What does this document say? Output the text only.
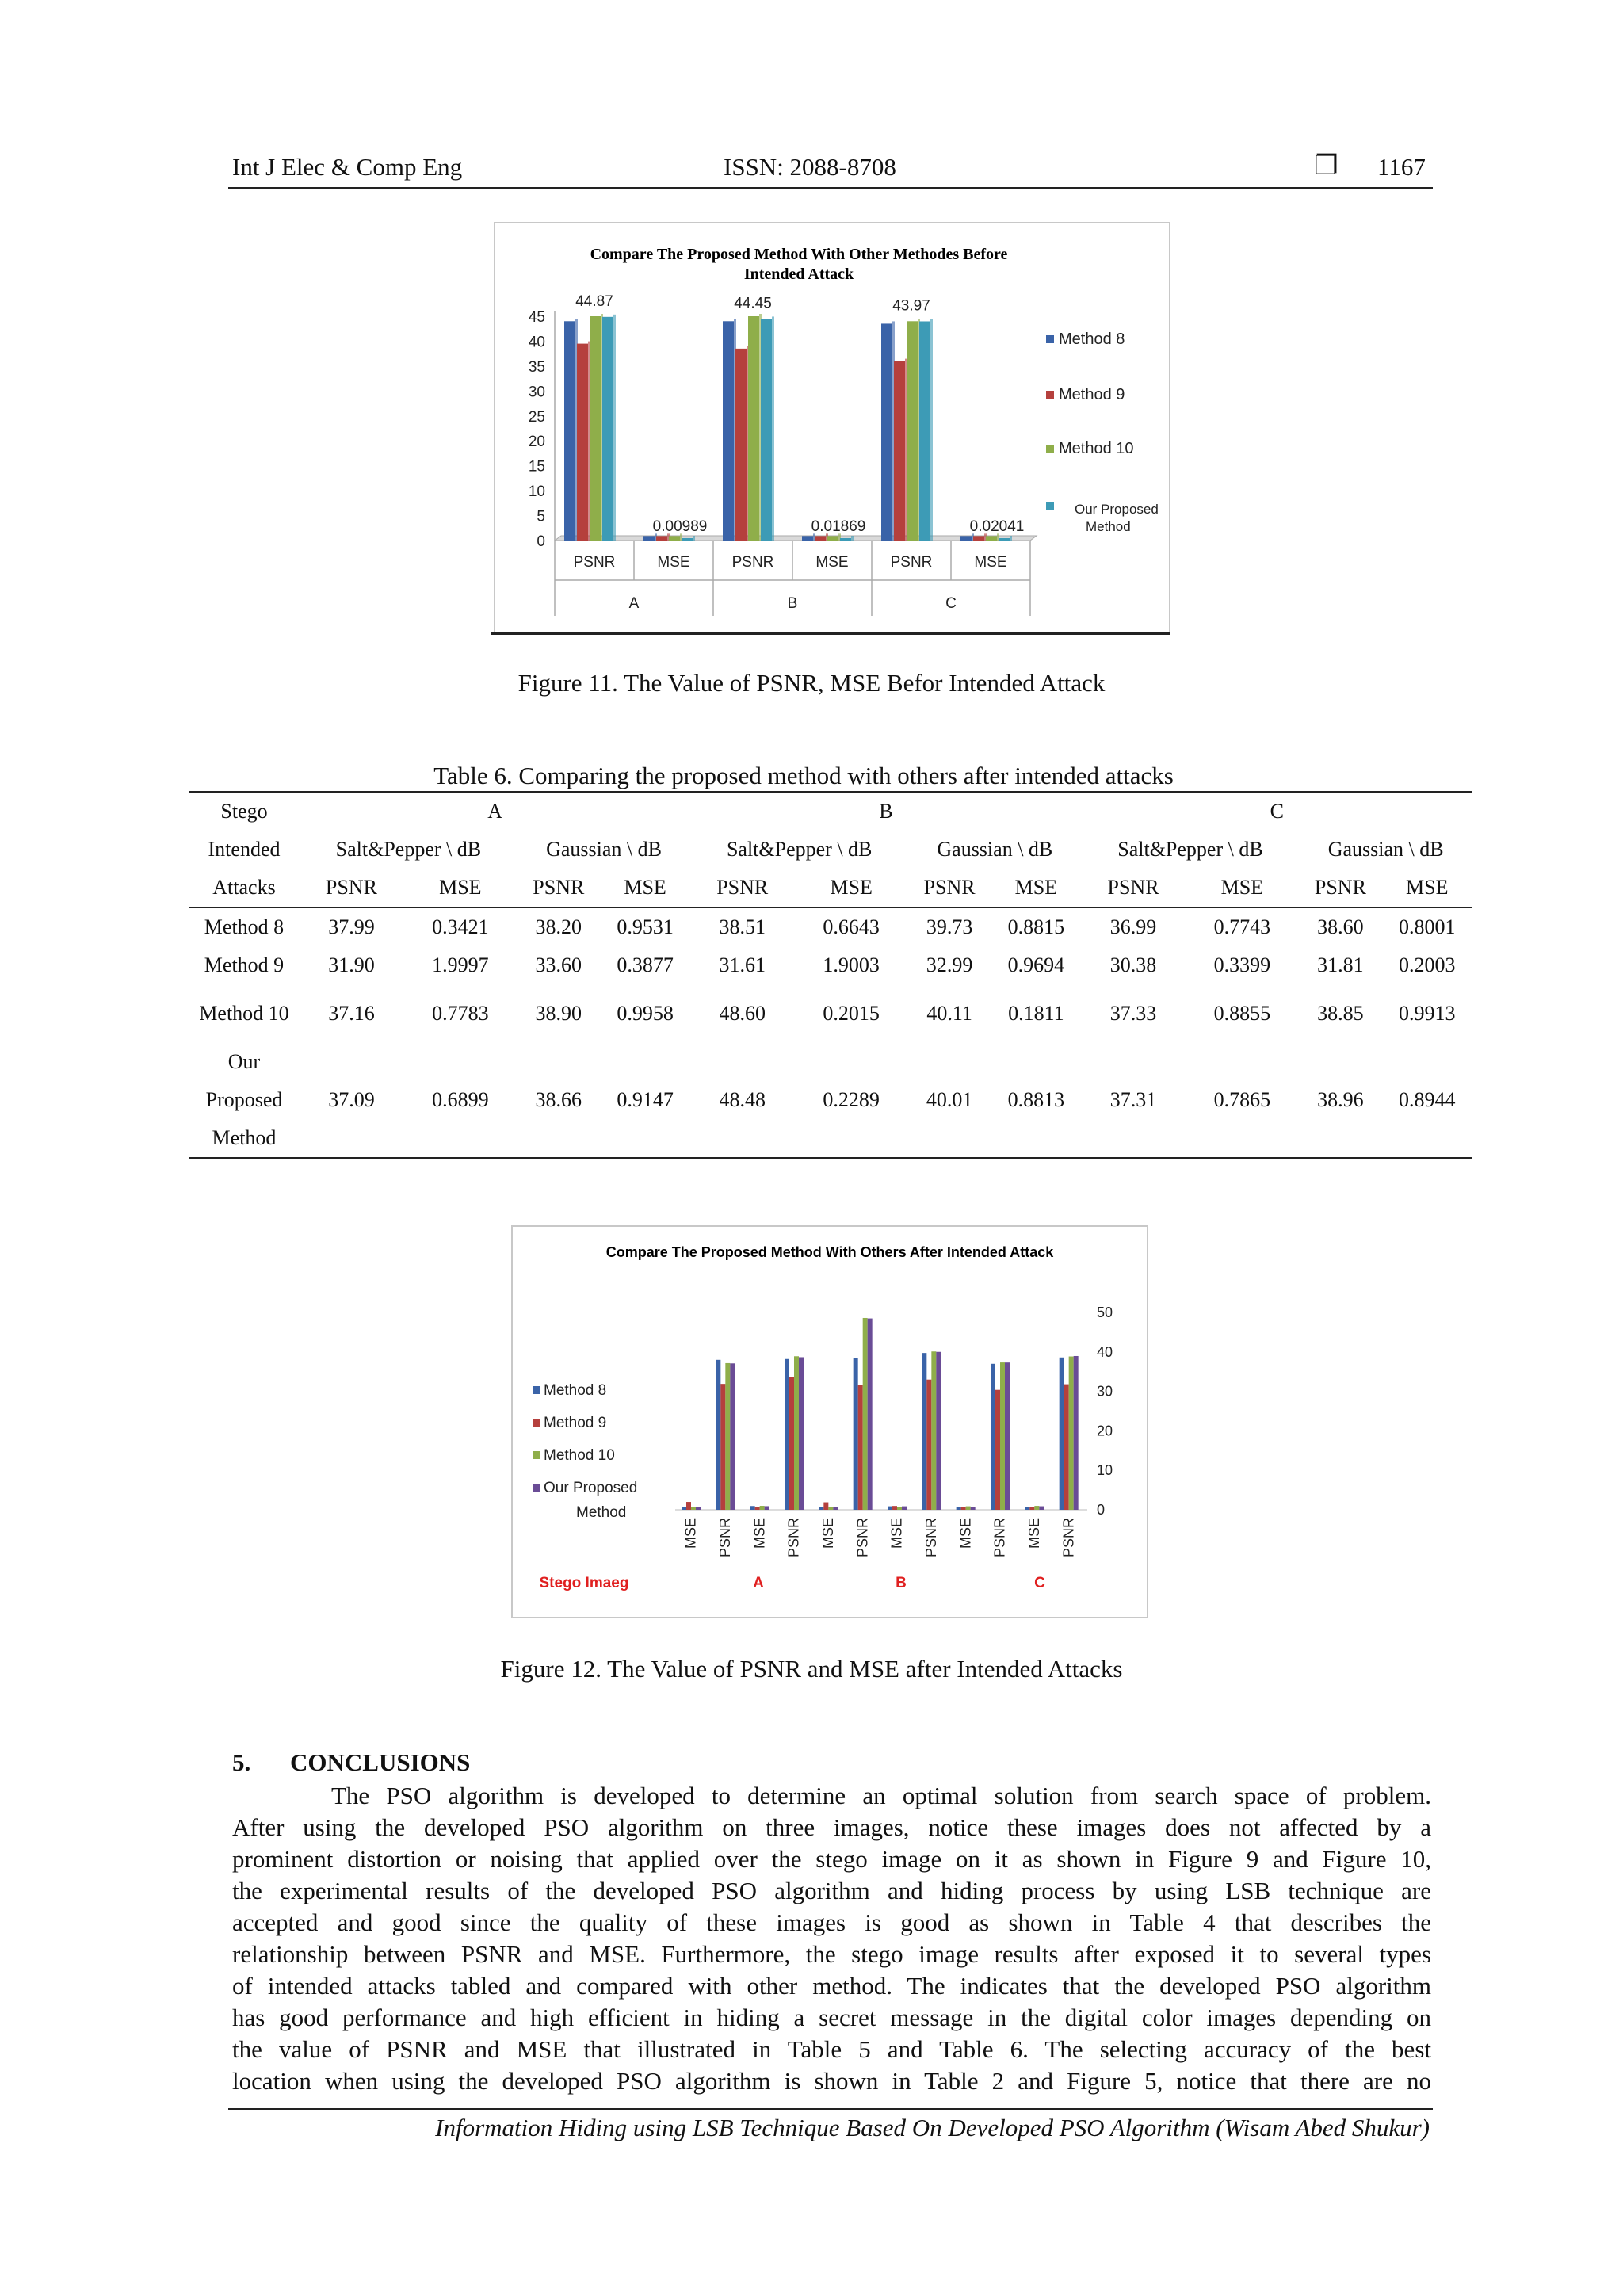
Int J Elec & Comp Eng	ISSN: 2088-8708	❐ 1167
Compare The Proposed Method With Other Methodes Before
Intended Attack
0
5
10
15
20
25
30
35
40
45
PSNR
44.87
MSE
0.00989
PSNR
44.45
MSE
0.01869
PSNR
43.97
MSE
0.02041
A	B	C
Method 8
Method 9
Method 10
Our Proposed
Method
Figure 11. The Value of PSNR, MSE Befor Intended Attack
Table 6. Comparing the proposed method with others after intended attacks
Stego	A				B				C			
Intended	Salt&Pepper \ dB		Gaussian \ dB		Salt&Pepper \ dB		Gaussian \ dB		Salt&Pepper \ dB		Gaussian \ dB	
Attacks	PSNR	MSE	PSNR	MSE	PSNR	MSE	PSNR	MSE	PSNR	MSE	PSNR	MSE
Method 8	37.99	0.3421	38.20	0.9531	38.51	0.6643	39.73	0.8815	36.99	0.7743	38.60	0.8001
Method 9	31.90	1.9997	33.60	0.3877	31.61	1.9003	32.99	0.9694	30.38	0.3399	31.81	0.2003
Method 10	37.16	0.7783	38.90	0.9958	48.60	0.2015	40.11	0.1811	37.33	0.8855	38.85	0.9913
Our
Proposed
Method	37.09	0.6899	38.66	0.9147	48.48	0.2289	40.01	0.8813	37.31	0.7865	38.96	0.8944
Compare The Proposed Method With Others After Intended Attack
0
10
20
30
40
50
MSE PSNR MSE PSNR MSE PSNR MSE PSNR MSE PSNR MSE PSNR
Stego Imaeg	A	B	C
Method 8
Method 9
Method 10
Our Proposed
Method
Figure 12. The Value of PSNR and MSE after Intended Attacks
5. CONCLUSIONS
The PSO algorithm is developed to determine an optimal solution from search space of problem.
After using the developed PSO algorithm on three images, notice these images does not affected by a
prominent distortion or noising that applied over the stego image on it as shown in Figure 9 and Figure 10,
the experimental results of the developed PSO algorithm and hiding process by using LSB technique are
accepted and good since the quality of these images is good as shown in Table 4 that describes the
relationship between PSNR and MSE. Furthermore, the stego image results after exposed it to several types
of intended attacks tabled and compared with other method. The indicates that the developed PSO algorithm
has good performance and high efficient in hiding a secret message in the digital color images depending on
the value of PSNR and MSE that illustrated in Table 5 and Table 6. The selecting accuracy of the best
location when using the developed PSO algorithm is shown in Table 2 and Figure 5, notice that there are no
Information Hiding using LSB Technique Based On Developed PSO Algorithm (Wisam Abed Shukur)
